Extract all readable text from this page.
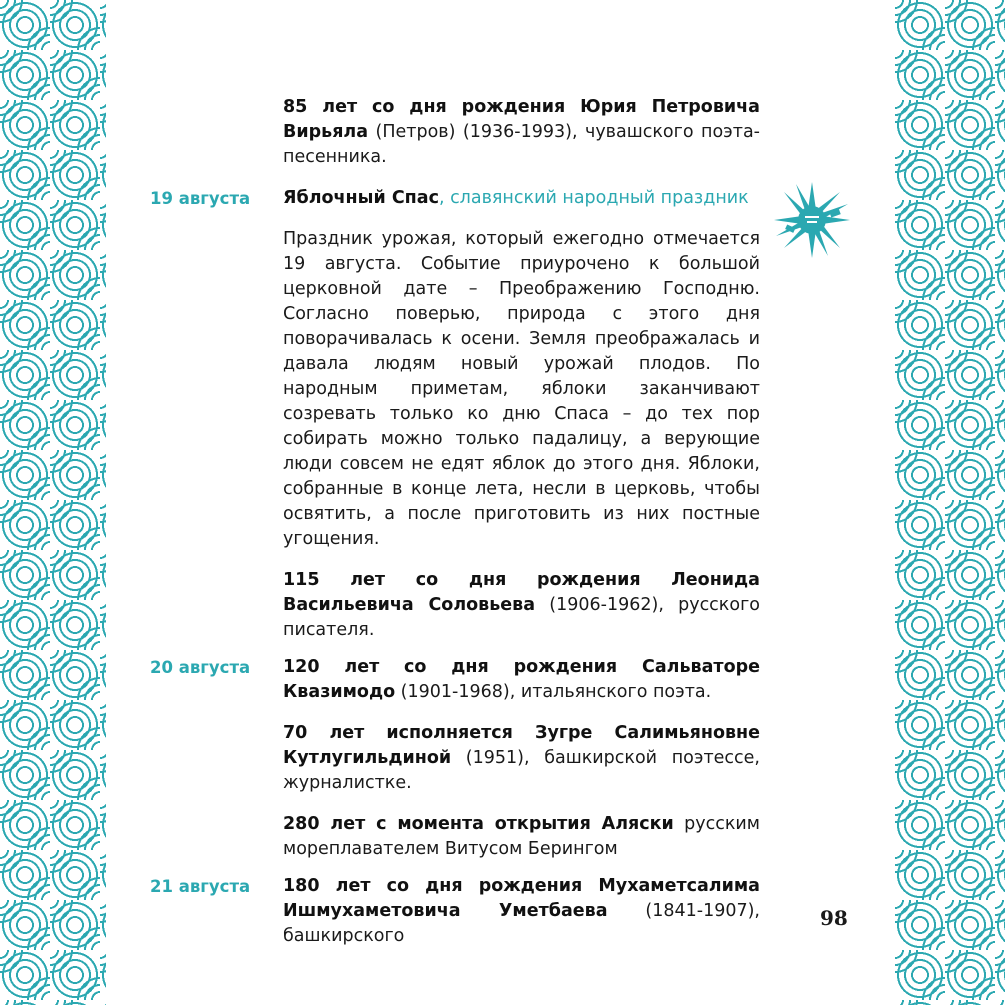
85 лет со дня рождения Юрия Петровича Вирьяла (Петров) (1936-1993), чувашского поэта-песенника.
19 августа	Яблочный Спас, славянский народный праздник
Праздник урожая, который ежегодно отмечается 19 августа. Событие приурочено к большой церковной дате – Преображению Господню. Согласно поверью, природа с этого дня поворачивалась к осени. Земля преображалась и давала людям новый урожай плодов. По народным приметам, яблоки заканчивают созревать только ко дню Спаса – до тех пор собирать можно только падалицу, а верующие люди совсем не едят яблок до этого дня. Яблоки, собранные в конце лета, несли в церковь, чтобы освятить, а после приготовить из них постные угощения.
115 лет со дня рождения Леонида Васильевича Соловьева (1906-1962), русского писателя.
20 августа	120 лет со дня рождения Сальваторе Квазимодо (1901-1968), итальянского поэта.
70 лет исполняется Зугре Салимьяновне Кутлугильдиной (1951), башкирской поэтессе, журналистке.
280 лет с момента открытия Аляски русским мореплавателем Витусом Берингом
21 августа	180 лет со дня рождения Мухаметсалима Ишмухаметовича Уметбаева (1841-1907), башкирского
98
